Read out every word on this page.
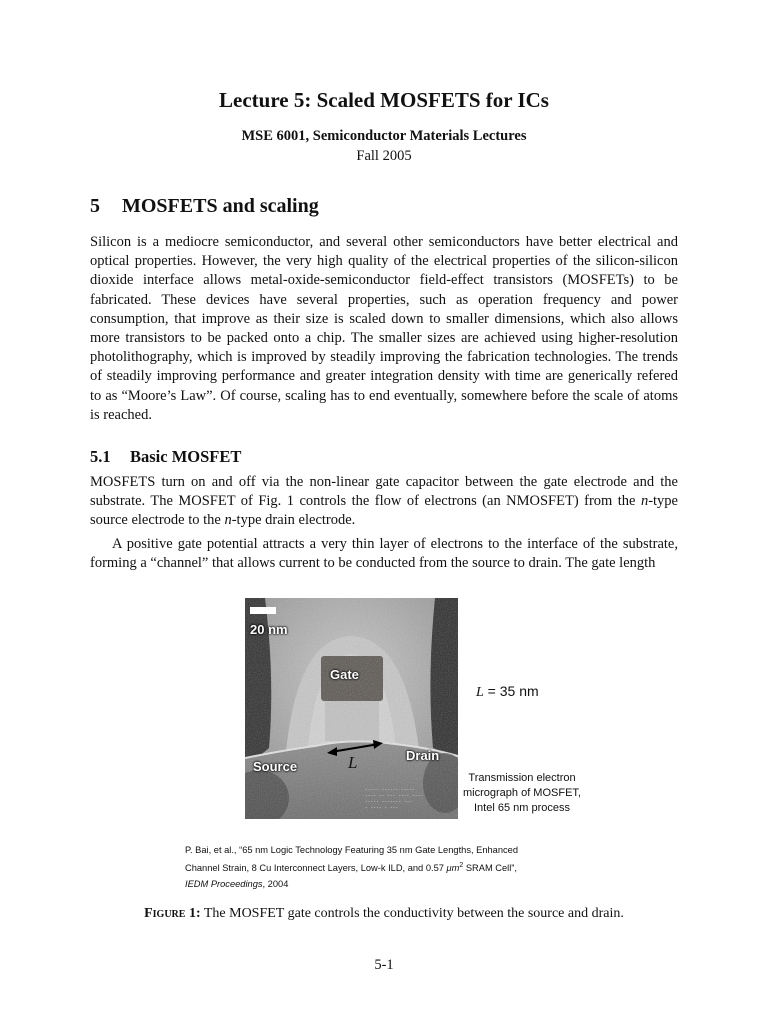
Lecture 5: Scaled MOSFETS for ICs
MSE 6001, Semiconductor Materials Lectures
Fall 2005
5 MOSFETS and scaling
Silicon is a mediocre semiconductor, and several other semiconductors have better electrical and optical properties. However, the very high quality of the electrical properties of the silicon-silicon dioxide interface allows metal-oxide-semiconductor field-effect transistors (MOSFETs) to be fabricated. These devices have several properties, such as operation frequency and power consumption, that improve as their size is scaled down to smaller dimensions, which also allows more transistors to be packed onto a chip. The smaller sizes are achieved using higher-resolution photolithography, which is improved by steadily improving the fabrication technologies. The trends of steadily improving performance and greater integration density with time are generically refered to as “Moore’s Law”. Of course, scaling has to end eventually, somewhere before the scale of atoms is reached.
5.1 Basic MOSFET
MOSFETS turn on and off via the non-linear gate capacitor between the gate electrode and the substrate. The MOSFET of Fig. 1 controls the flow of electrons (an NMOSFET) from the n-type source electrode to the n-type drain electrode.
A positive gate potential attracts a very thin layer of electrons to the interface of the substrate, forming a “channel” that allows current to be conducted from the source to drain. The gate length
20 nm
Gate
Drain
Source	L
----- ------ -----
---- -- --- ---- ----
----- ------- ---
- ---- - ---
L = 35 nm
Transmission electron
micrograph of MOSFET,
Intel 65 nm process
P. Bai, et al., “65 nm Logic Technology Featuring 35 nm Gate Lengths, Enhanced
Channel Strain, 8 Cu Interconnect Layers, Low-k ILD, and 0.57 $\mu m^2$ SRAM Cell”,
IEDM Proceedings, 2004
Figure 1: The MOSFET gate controls the conductivity between the source and drain.
5-1
